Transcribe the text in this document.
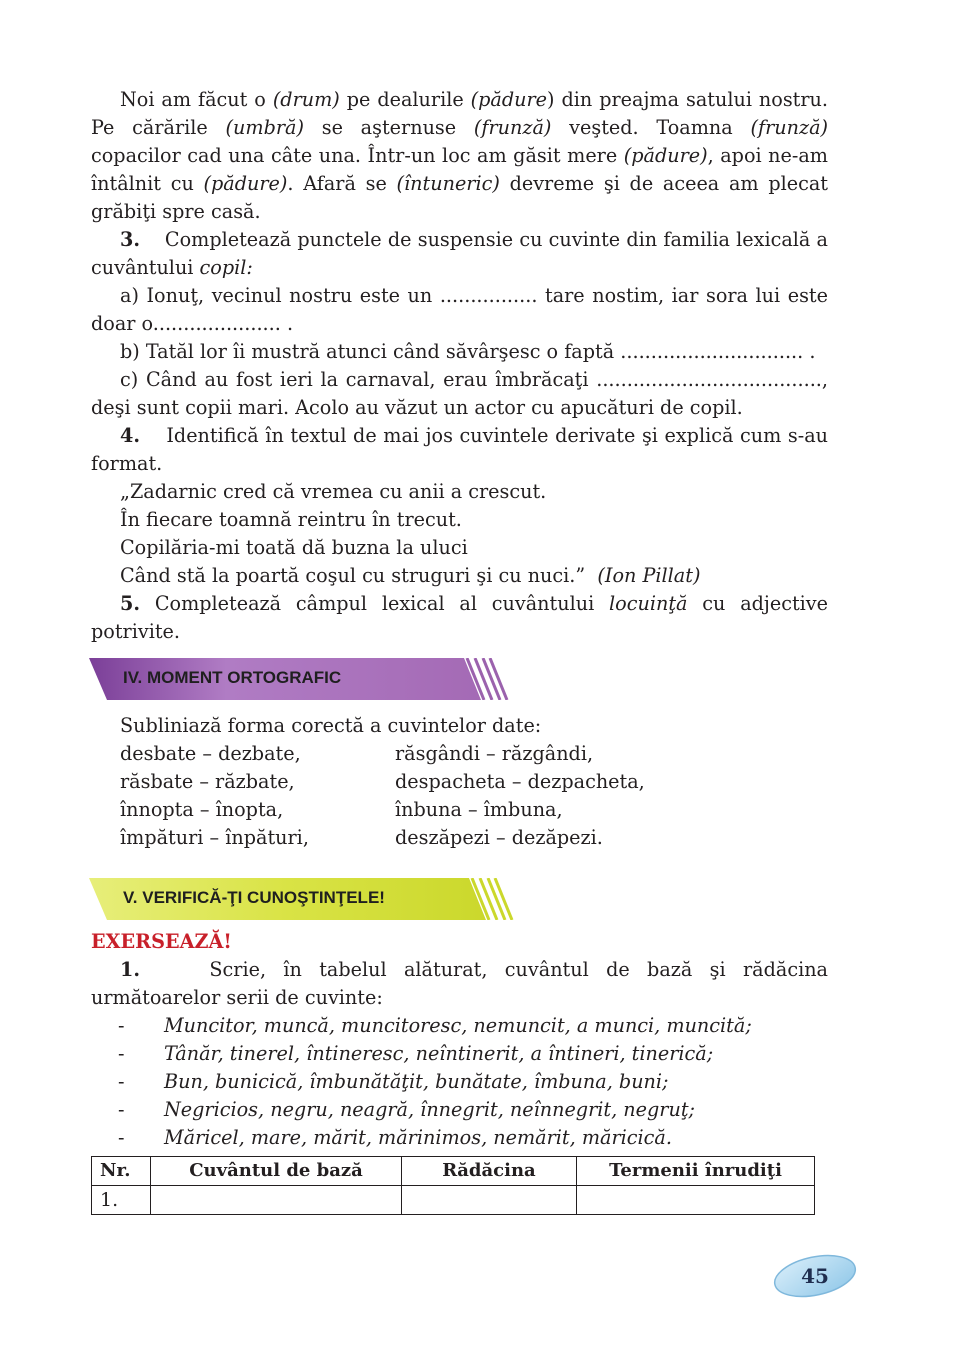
Noi am făcut o (drum) pe dealurile (pădure) din preajma satului nostru. Pe cărările (umbră) se aşternuse (frunză) veşted. Toamna (frunză) copacilor cad una câte una. Într-un loc am găsit mere (pădure), apoi ne-am întâlnit cu (pădure). Afară se (întuneric) devreme şi de aceea am plecat grăbiţi spre casă.

3. Completează punctele de suspensie cu cuvinte din familia lexicală a cuvântului copil:

a) Ionuţ, vecinul nostru este un ................ tare nostim, iar sora lui este doar o..................... .

b) Tatăl lor îi mustră atunci când săvârşesc o faptă .............................. .

c) Când au fost ieri la carnaval, erau îmbrăcaţi ....................................., deşi sunt copii mari. Acolo au văzut un actor cu apucături de copil.

4. Identifică în textul de mai jos cuvintele derivate şi explică cum s-au format.

„Zadarnic cred că vremea cu anii a crescut.

În fiecare toamnă reintru în trecut.

Copilăria-mi toată dă buzna la uluci

Când stă la poartă coşul cu struguri şi cu nuci.”  (Ion Pillat)

5. Completează câmpul lexical al cuvântului locuinţă cu adjective potrivite.

IV. MOMENT ORTOGRAFIC

Subliniază forma corectă a cuvintelor date:

desbate – dezbate,	răsgândi – răzgândi,
răsbate – răzbate,	despacheta – dezpacheta,
înnopta – înopta,	înbuna – îmbuna,
împături – înpături,	deszăpezi – dezăpezi.
V. VERIFICĂ-ŢI CUNOŞTINŢELE!

EXERSEAZĂ!

1.	Scrie, în tabelul alăturat, cuvântul de bază şi rădăcina următoarelor serii de cuvinte:

-	Muncitor, muncă, muncitoresc, nemuncit, a munci, muncită;
-	Tânăr, tinerel, întineresc, neîntinerit, a întineri, tinerică;
-	Bun, bunicică, îmbunătăţit, bunătate, îmbuna, buni;
-	Negricios, negru, neagră, înnegrit, neînnegrit, negruţ;
-	Măricel, mare, mărit, mărinimos, nemărit, măricică.
Nr.	Cuvântul de bază	Rădăcina	Termenii înrudiţi
1.			
45
